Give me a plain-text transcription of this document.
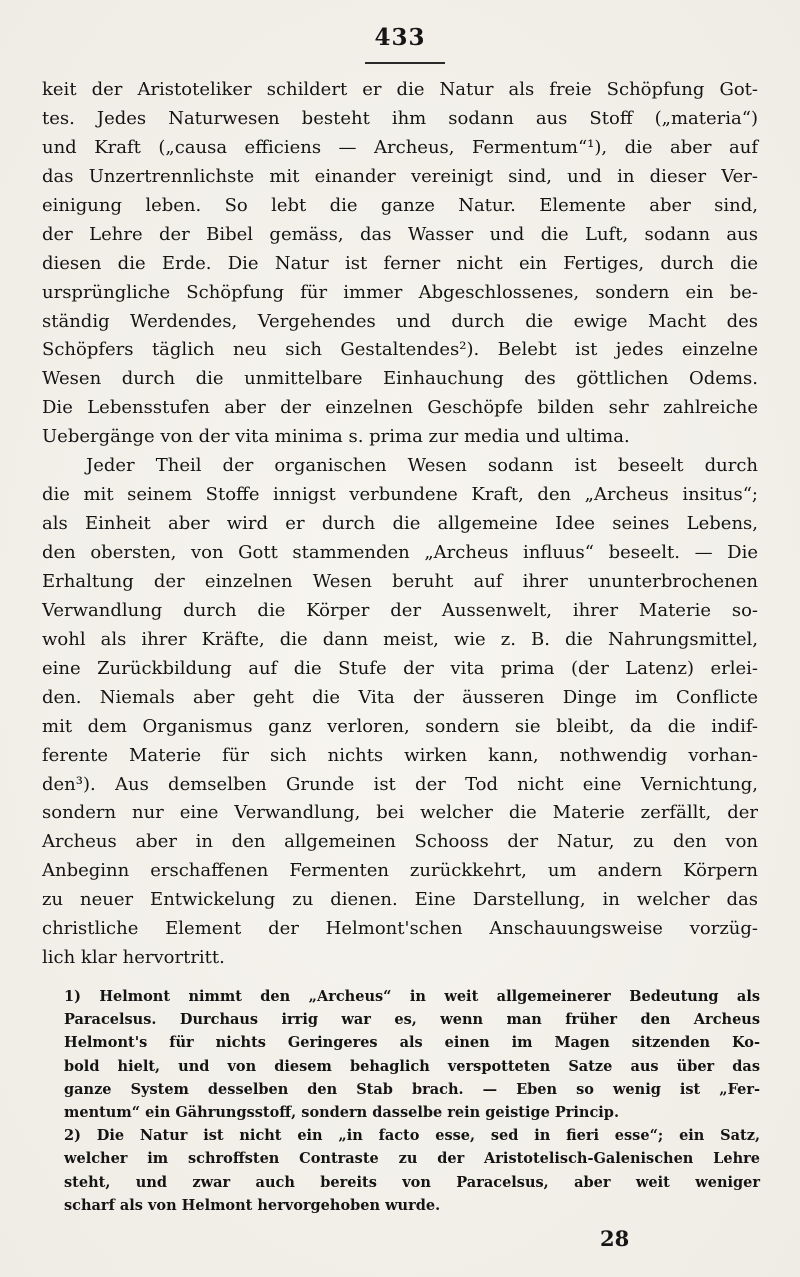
433
keit der Aristoteliker schildert er die Natur als freie Schöpfung Got-
tes. Jedes Naturwesen besteht ihm sodann aus Stoff („materia“)
und Kraft („causa efficiens — Archeus, Fermentum“¹), die aber auf
das Unzertrennlichste mit einander vereinigt sind, und in dieser Ver-
einigung leben. So lebt die ganze Natur. Elemente aber sind,
der Lehre der Bibel gemäss, das Wasser und die Luft, sodann aus
diesen die Erde. Die Natur ist ferner nicht ein Fertiges, durch die
ursprüngliche Schöpfung für immer Abgeschlossenes, sondern ein be-
ständig Werdendes, Vergehendes und durch die ewige Macht des
Schöpfers täglich neu sich Gestaltendes²). Belebt ist jedes einzelne
Wesen durch die unmittelbare Einhauchung des göttlichen Odems.
Die Lebensstufen aber der einzelnen Geschöpfe bilden sehr zahlreiche
Uebergänge von der vita minima s. prima zur media und ultima.
Jeder Theil der organischen Wesen sodann ist beseelt durch
die mit seinem Stoffe innigst verbundene Kraft, den „Archeus insitus“;
als Einheit aber wird er durch die allgemeine Idee seines Lebens,
den obersten, von Gott stammenden „Archeus influus“ beseelt. — Die
Erhaltung der einzelnen Wesen beruht auf ihrer ununterbrochenen
Verwandlung durch die Körper der Aussenwelt, ihrer Materie so-
wohl als ihrer Kräfte, die dann meist, wie z. B. die Nahrungsmittel,
eine Zurückbildung auf die Stufe der vita prima (der Latenz) erlei-
den. Niemals aber geht die Vita der äusseren Dinge im Conflicte
mit dem Organismus ganz verloren, sondern sie bleibt, da die indif-
ferente Materie für sich nichts wirken kann, nothwendig vorhan-
den³). Aus demselben Grunde ist der Tod nicht eine Vernichtung,
sondern nur eine Verwandlung, bei welcher die Materie zerfällt, der
Archeus aber in den allgemeinen Schooss der Natur, zu den von
Anbeginn erschaffenen Fermenten zurückkehrt, um andern Körpern
zu neuer Entwickelung zu dienen. Eine Darstellung, in welcher das
christliche Element der Helmont'schen Anschauungsweise vorzüg-
lich klar hervortritt.
1) Helmont nimmt den „Archeus“ in weit allgemeinerer Bedeutung als
Paracelsus. Durchaus irrig war es, wenn man früher den Archeus
Helmont's für nichts Geringeres als einen im Magen sitzenden Ko-
bold hielt, und von diesem behaglich verspotteten Satze aus über das
ganze System desselben den Stab brach. — Eben so wenig ist „Fer-
mentum“ ein Gährungsstoff, sondern dasselbe rein geistige Princip.
2) Die Natur ist nicht ein „in facto esse, sed in fieri esse“; ein Satz,
welcher im schroffsten Contraste zu der Aristotelisch-Galenischen Lehre
steht, und zwar auch bereits von Paracelsus, aber weit weniger
scharf als von Helmont hervorgehoben wurde.
28
